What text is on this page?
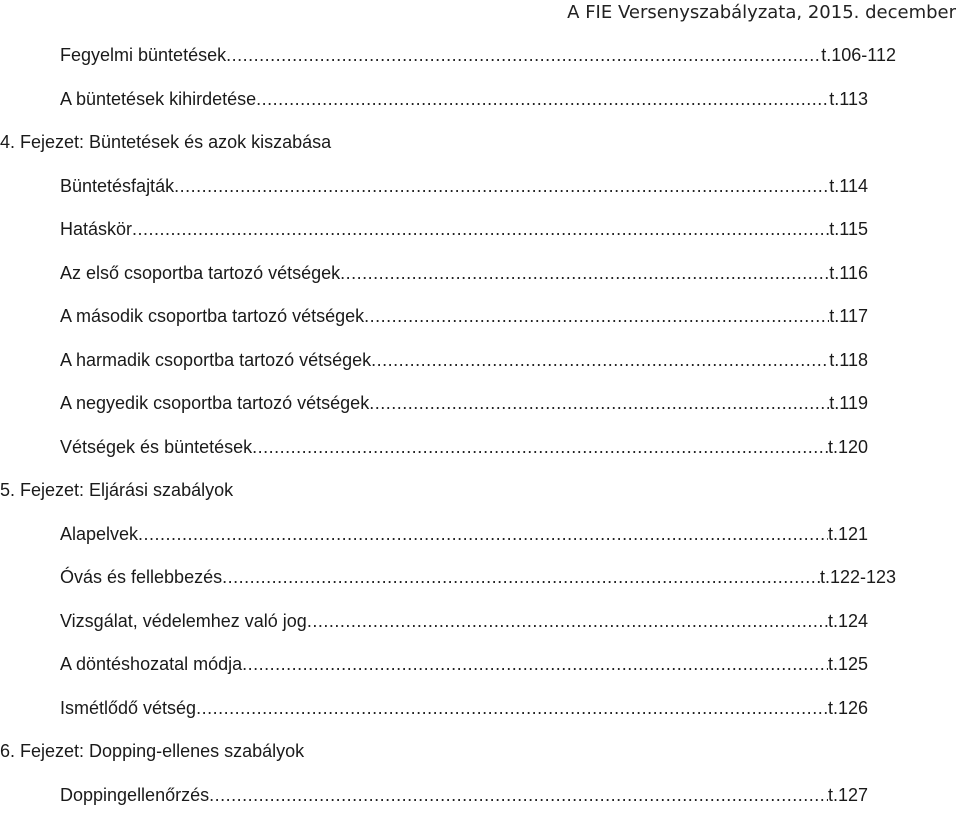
A FIE Versenyszabályzata, 2015. december
Fegyelmi büntetések .....	t.106-112
A büntetések kihirdetése .....	t.113
4. Fejezet: Büntetések és azok kiszabása
Büntetésfajták .....	t.114
Hatáskör .....	t.115
Az első csoportba tartozó vétségek .....	t.116
A második csoportba tartozó vétségek .....	t.117
A harmadik csoportba tartozó vétségek .....	t.118
A negyedik csoportba tartozó vétségek .....	t.119
Vétségek és büntetések .....	t.120
5. Fejezet: Eljárási szabályok
Alapelvek .....	t.121
Óvás és fellebbezés .....	t.122-123
Vizsgálat, védelemhez való jog .....	t.124
A döntéshozatal módja .....	t.125
Ismétlődő vétség .....	t.126
6. Fejezet: Dopping-ellenes szabályok
Doppingellenőrzés .....	t.127
